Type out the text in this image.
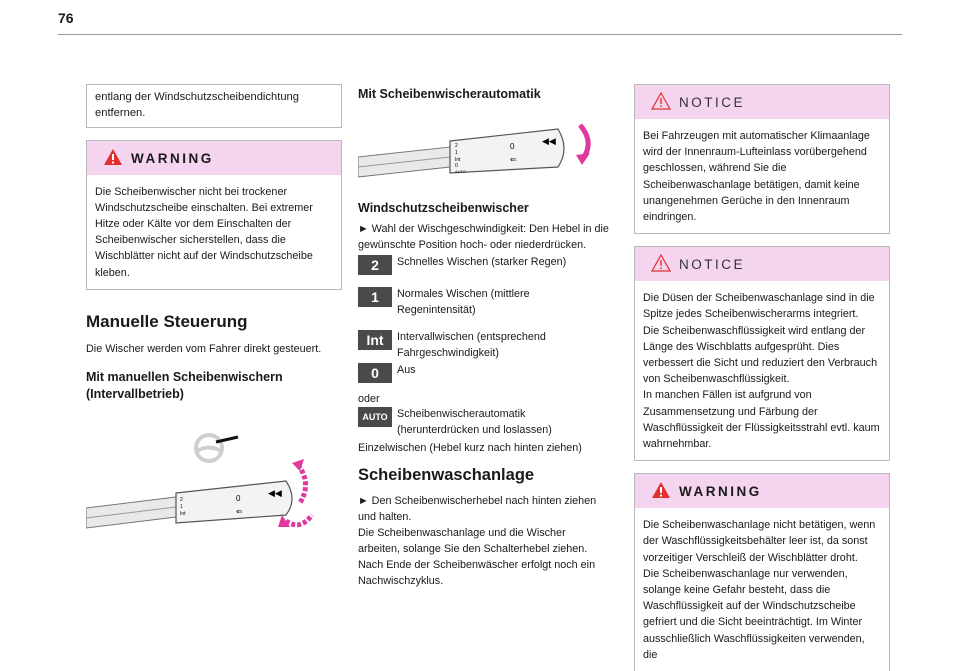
76

entlang der Windschutzscheibendichtung entfernen.

WARNING
Die Scheibenwischer nicht bei trockener Windschutzscheibe einschalten. Bei extremer Hitze oder Kälte vor dem Einschalten der Scheibenwischer sicherstellen, dass die Wischblätter nicht auf der Windschutzscheibe kleben.
Manuelle Steuerung
Die Wischer werden vom Fahrer direkt gesteuert.
Mit manuellen Scheibenwischern (Intervallbetrieb)
2
1
Int
0
⇐
◀◀
Mit Scheibenwischerautomatik
2
1
Int
0
AUTO
0
⇐
◀◀
Windschutzscheibenwischer
► Wahl der Wischgeschwindigkeit: Den Hebel in die gewünschte Position hoch- oder niederdrücken.
2	Schnelles Wischen (starker Regen)
1	Normales Wischen (mittlere Regenintensität)
Int	Intervallwischen (entsprechend Fahrgeschwindigkeit)
0	Aus
oder
AUTO Scheibenwischerautomatik (herunterdrücken und loslassen)
Einzelwischen (Hebel kurz nach hinten ziehen)
Scheibenwaschanlage
► Den Scheibenwischerhebel nach hinten ziehen und halten.
Die Scheibenwaschanlage und die Wischer arbeiten, solange Sie den Schalterhebel ziehen.
Nach Ende der Scheibenwäscher erfolgt noch ein Nachwischzyklus.
NOTICE
Bei Fahrzeugen mit automatischer Klimaanlage wird der Innenraum-Lufteinlass vorübergehend geschlossen, während Sie die Scheibenwaschanlage betätigen, damit keine unangenehmen Gerüche in den Innenraum eindringen.
NOTICE

Die Düsen der Scheibenwaschanlage sind in die Spitze jedes Scheibenwischerarms integriert.

Die Scheibenwaschflüssigkeit wird entlang der Länge des Wischblatts aufgesprüht. Dies verbessert die Sicht und reduziert den Verbrauch von Scheibenwaschflüssigkeit.

In manchen Fällen ist aufgrund von Zusammensetzung und Färbung der Waschflüssigkeit der Flüssigkeitsstrahl evtl. kaum wahrnehmbar.

WARNING

Die Scheibenwaschanlage nicht betätigen, wenn der Waschflüssigkeitsbehälter leer ist, da sonst vorzeitiger Verschleiß der Wischblätter droht.

Die Scheibenwaschanlage nur verwenden, solange keine Gefahr besteht, dass die Waschflüssigkeit auf der Windschutzscheibe gefriert und die Sicht beeinträchtigt. Im Winter ausschließlich Waschflüssigkeiten verwenden, die
